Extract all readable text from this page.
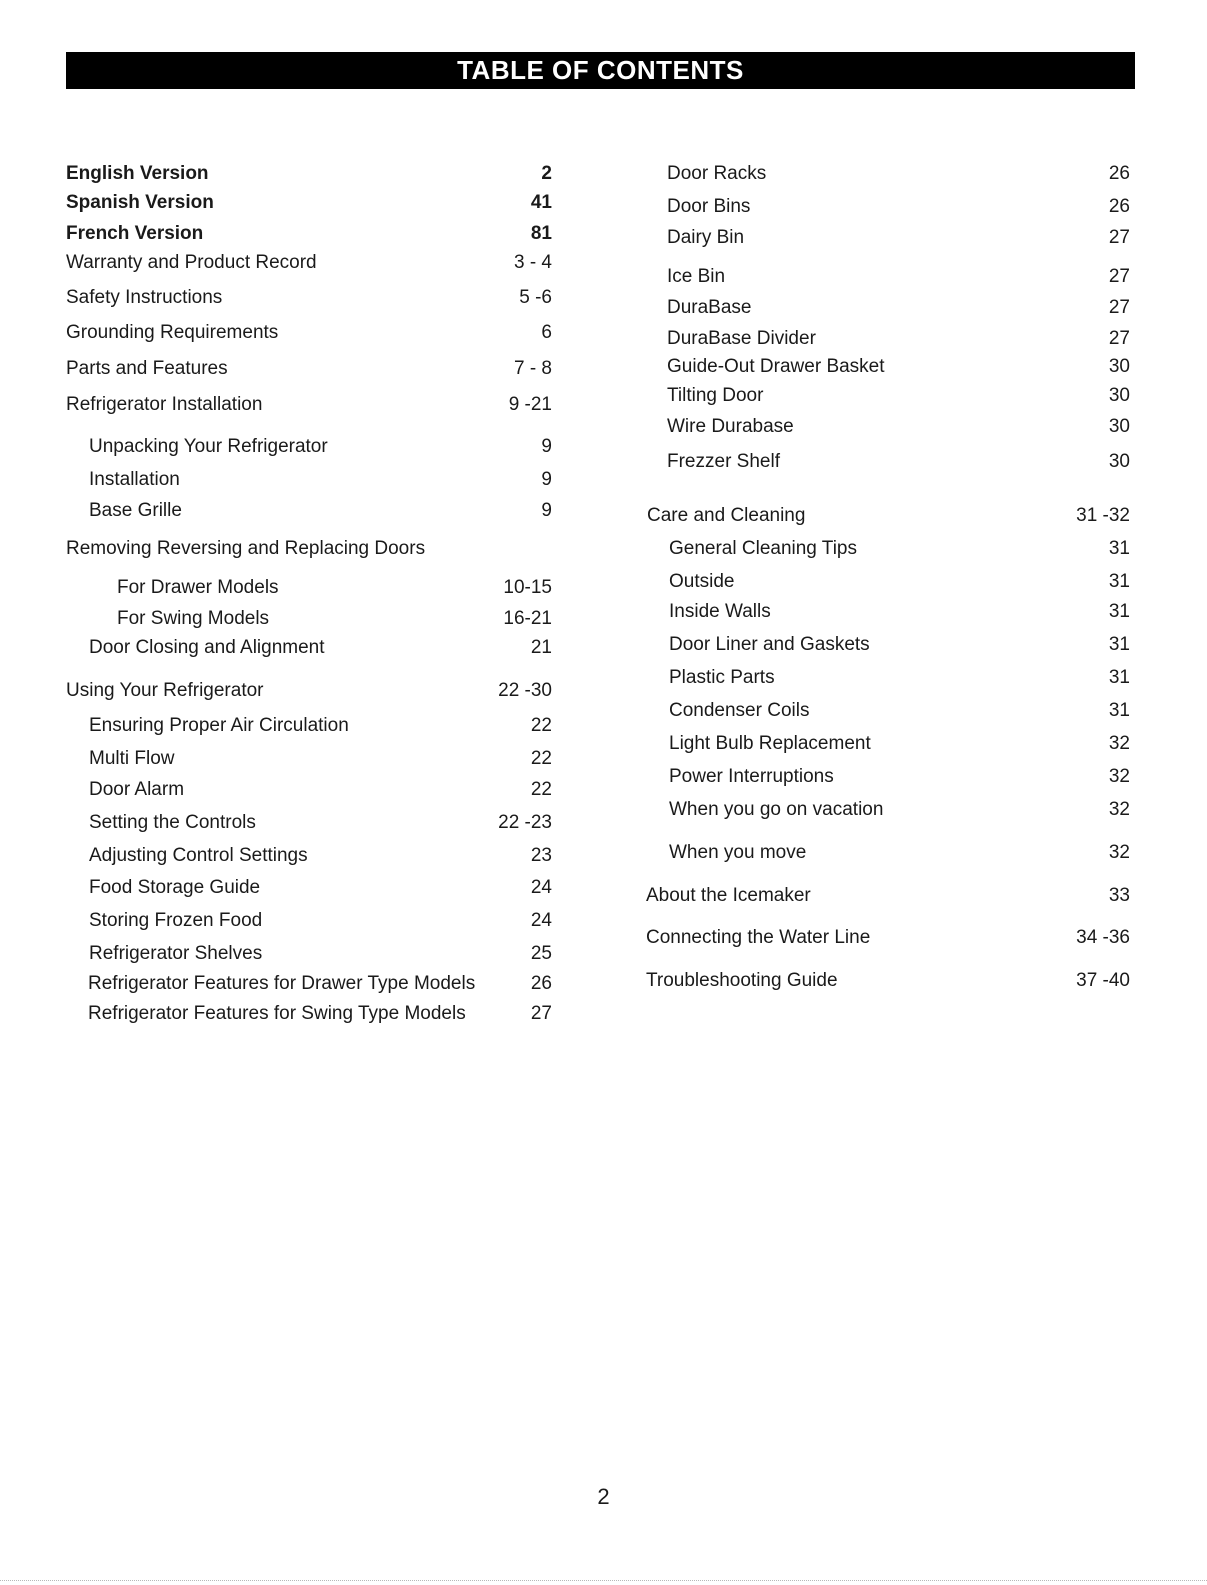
TABLE OF CONTENTS
English Version	2
Spanish Version	41
French Version	81
Warranty and Product Record	3 - 4
Safety Instructions	5 -6
Grounding Requirements	6
Parts and Features	7 - 8
Refrigerator Installation	9 -21
Unpacking Your Refrigerator	9
Installation	9
Base Grille	9
Removing Reversing and Replacing Doors
For Drawer Models	10-15
For Swing Models	16-21
Door Closing and Alignment	21
Using Your Refrigerator	22 -30
Ensuring Proper Air Circulation	22
Multi Flow	22
Door Alarm	22
Setting the Controls	22 -23
Adjusting Control Settings	23
Food Storage Guide	24
Storing Frozen Food	24
Refrigerator Shelves	25
Refrigerator Features for Drawer Type Models	26
Refrigerator Features for Swing Type Models	27
Door Racks	26
Door Bins	26
Dairy Bin	27
Ice Bin	27
DuraBase	27
DuraBase Divider	27
Guide-Out Drawer Basket	30
Tilting Door	30
Wire Durabase	30
Frezzer Shelf	30
Care and Cleaning	31 -32
General Cleaning Tips	31
Outside	31
Inside Walls	31
Door Liner and Gaskets	31
Plastic Parts	31
Condenser Coils	31
Light Bulb Replacement	32
Power Interruptions	32
When you go on vacation	32
When you move	32
About the Icemaker	33
Connecting the Water Line	34 -36
Troubleshooting Guide	37 -40
2
